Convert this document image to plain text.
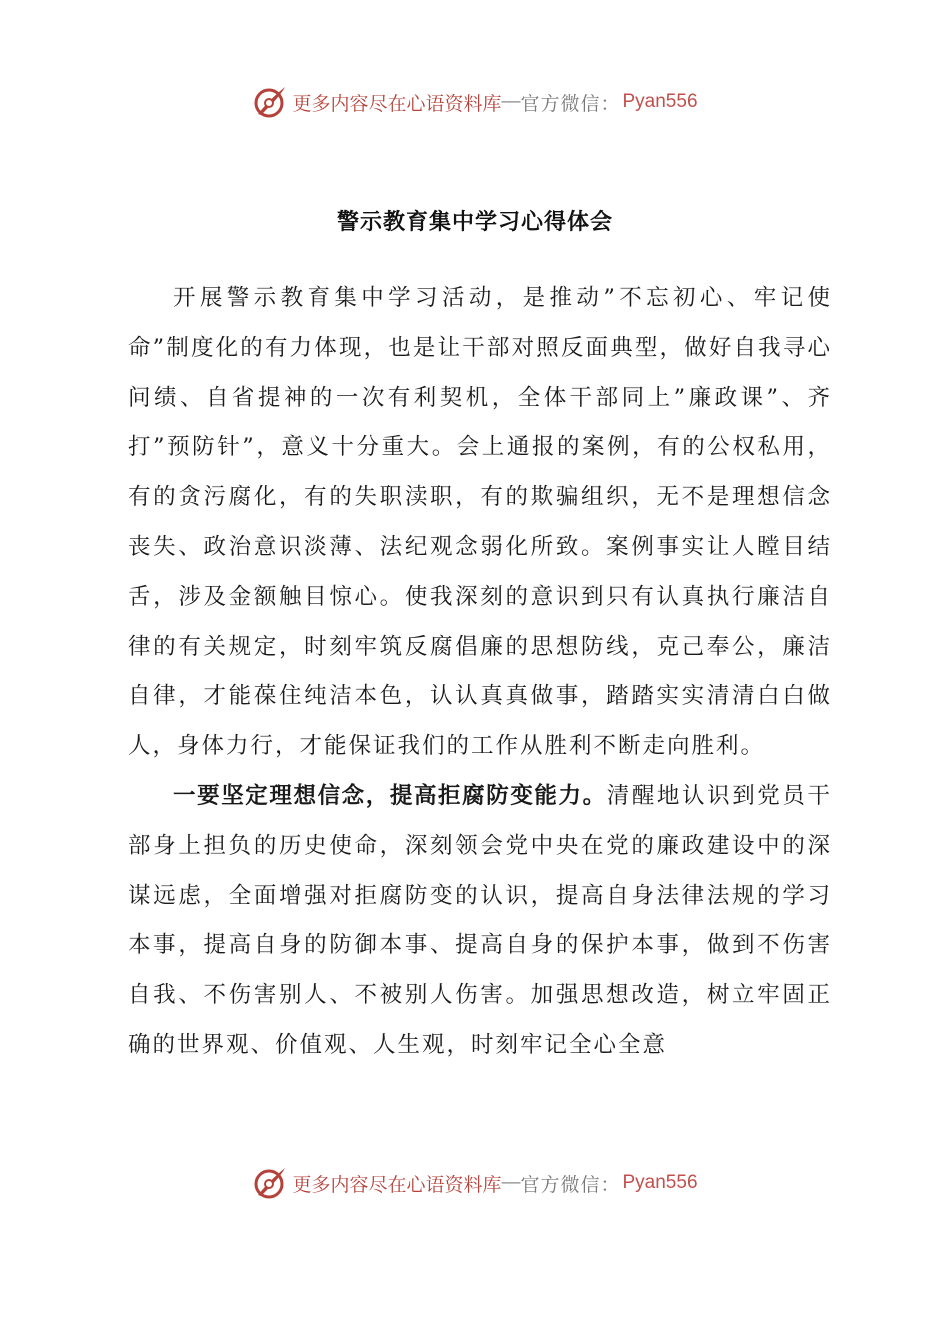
更多内容尽在心语资料库 — 官方微信： Pyan556
警示教育集中学习心得体会

开展警示教育集中学习活动，是推动”不忘初心、牢记使命”制度化的有力体现，也是让干部对照反面典型，做好自我寻心问绩、自省提神的一次有利契机，全体干部同上”廉政课”、齐打”预防针”，意义十分重大。会上通报的案例，有的公权私用，有的贪污腐化，有的失职渎职，有的欺骗组织，无不是理想信念丧失、政治意识淡薄、法纪观念弱化所致。案例事实让人瞠目结舌，涉及金额触目惊心。使我深刻的意识到只有认真执行廉洁自律的有关规定，时刻牢筑反腐倡廉的思想防线，克己奉公，廉洁自律，才能葆住纯洁本色，认认真真做事，踏踏实实清清白白做人，身体力行，才能保证我们的工作从胜利不断走向胜利。

一要坚定理想信念，提高拒腐防变能力。清醒地认识到党员干部身上担负的历史使命，深刻领会党中央在党的廉政建设中的深谋远虑，全面增强对拒腐防变的认识，提高自身法律法规的学习本事，提高自身的防御本事、提高自身的保护本事，做到不伤害自我、不伤害别人、不被别人伤害。加强思想改造，树立牢固正确的世界观、价值观、人生观，时刻牢记全心全意

更多内容尽在心语资料库 — 官方微信： Pyan556
